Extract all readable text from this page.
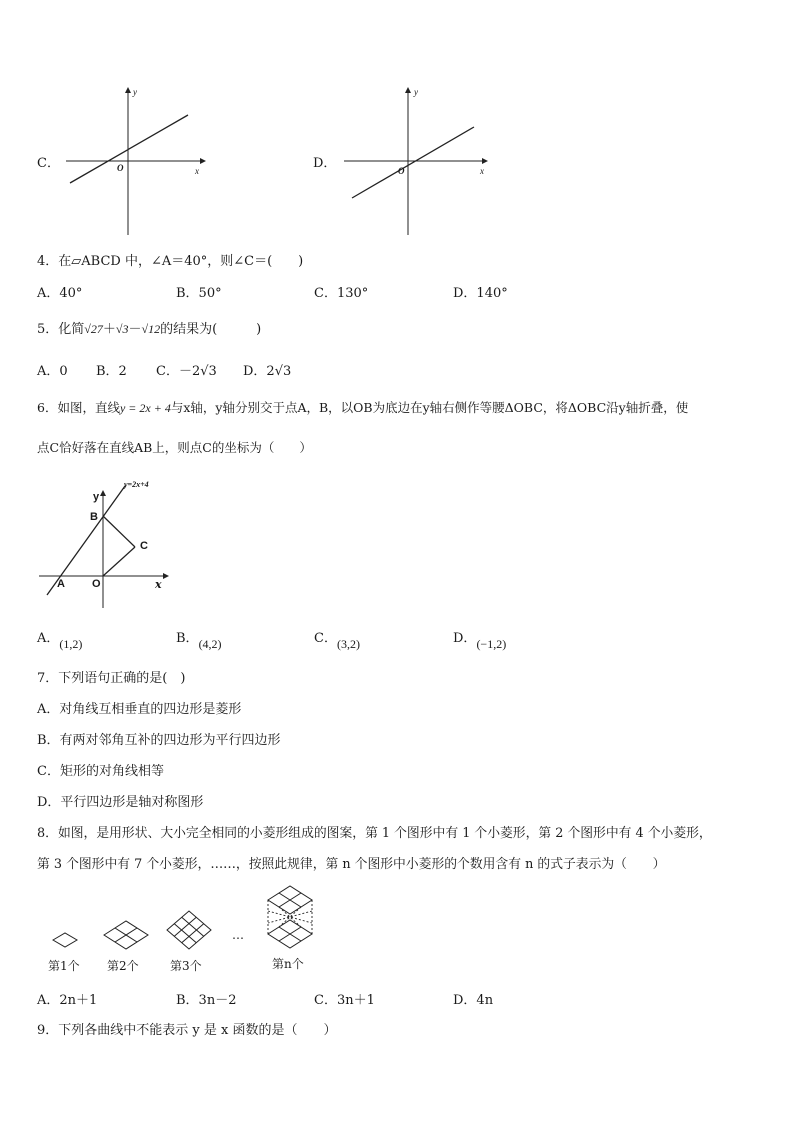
C．
y
x
O	D．
y
x
O
4．在▱ABCD 中，∠A＝40°，则∠C＝(　　)
A．40°	B．50°	C．130°	D．140°
5．化简√27＋√3－√12的结果为(　　　)
A．0 B．2 C．－2√3 D．2√3
6．如图，直线y = 2x + 4与x轴，y轴分别交于点A，B，以OB为底边在y轴右侧作等腰ΔOBC，将ΔOBC沿y轴折叠，使
点C恰好落在直线AB上，则点C的坐标为（　　）
y=2x+4
y
B
C
A O	x
A．(1,2)	B．(4,2)	C．(3,2)	D．(−1,2)
7．下列语句正确的是(　)
A．对角线互相垂直的四边形是菱形
B．有两对邻角互补的四边形为平行四边形
C．矩形的对角线相等
D．平行四边形是轴对称图形
8．如图，是用形状、大小完全相同的小菱形组成的图案，第 1 个图形中有 1 个小菱形，第 2 个图形中有 4 个小菱形，
第 3 个图形中有 7 个小菱形，……，按照此规律，第 n 个图形中小菱形的个数用含有 n 的式子表示为（　　）
…
第1个 第2个	第3个	第n个
A．2n＋1	B．3n－2	C．3n＋1	D．4n
9．下列各曲线中不能表示 y 是 x 函数的是（　　）
